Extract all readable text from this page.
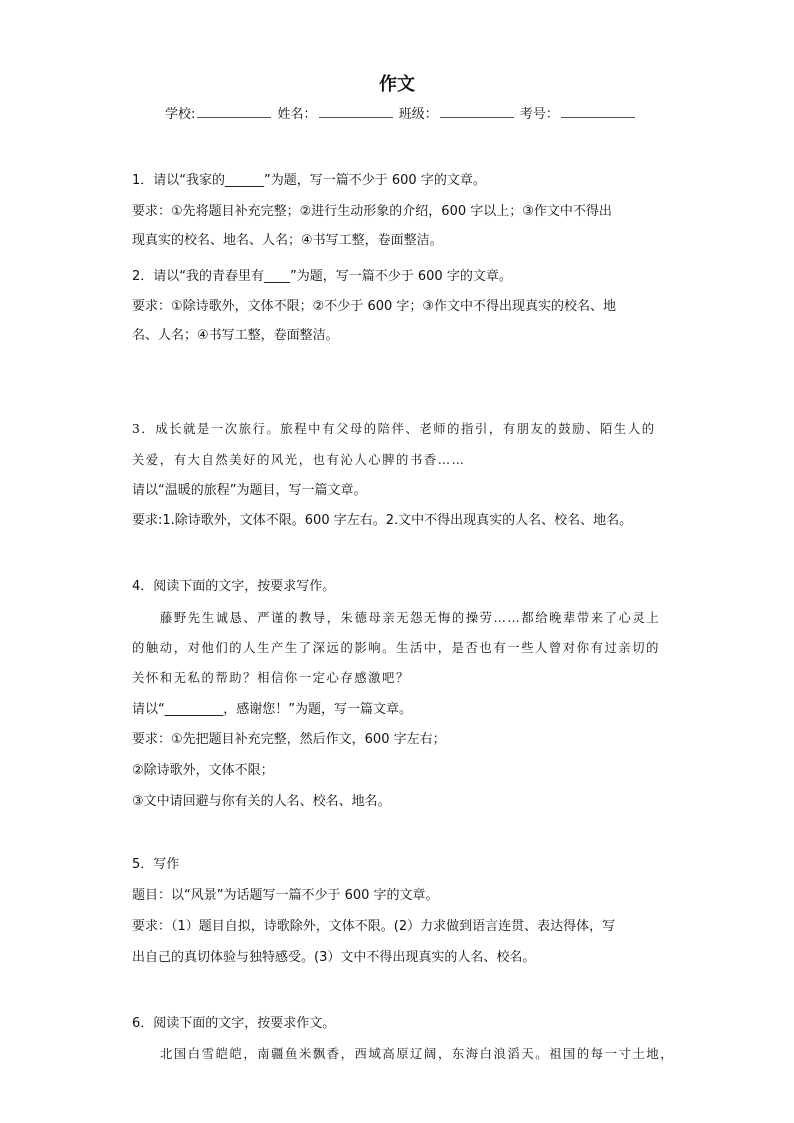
作文
学校:	姓名：	班级：	考号：
1．请以“我家的______”为题，写一篇不少于 600 字的文章。
要求：①先将题目补充完整；②进行生动形象的介绍，600 字以上；③作文中不得出
现真实的校名、地名、人名；④书写工整，卷面整洁。
2．请以“我的青春里有____”为题，写一篇不少于 600 字的文章。
要求：①除诗歌外，文体不限；②不少于 600 字；③作文中不得出现真实的校名、地
名、人名；④书写工整，卷面整洁。
3．成长就是一次旅行。旅程中有父母的陪伴、老师的指引，有朋友的鼓励、陌生人的
关爱，有大自然美好的风光，也有沁人心脾的书香……
请以“温暖的旅程”为题目，写一篇文章。
要求:1.除诗歌外，文体不限。600 字左右。2.文中不得出现真实的人名、校名、地名。
4．阅读下面的文字，按要求写作。
藤野先生诚恳、严谨的教导，朱德母亲无怨无悔的操劳……都给晚辈带来了心灵上
的触动，对他们的人生产生了深远的影响。生活中，是否也有一些人曾对你有过亲切的
关怀和无私的帮助？相信你一定心存感激吧？
请以“_________，感谢您！”为题，写一篇文章。
要求：①先把题目补充完整，然后作文，600 字左右；
②除诗歌外，文体不限；
③文中请回避与你有关的人名、校名、地名。
5．写作
题目：以“风景”为话题写一篇不少于 600 字的文章。
要求：（1）题目自拟，诗歌除外，文体不限。(2）力求做到语言连贯、表达得体，写
出自己的真切体验与独特感受。(3）文中不得出现真实的人名、校名。
6．阅读下面的文字，按要求作文。
北国白雪皑皑，南疆鱼米飘香，西域高原辽阔，东海白浪滔天。祖国的每一寸土地，
